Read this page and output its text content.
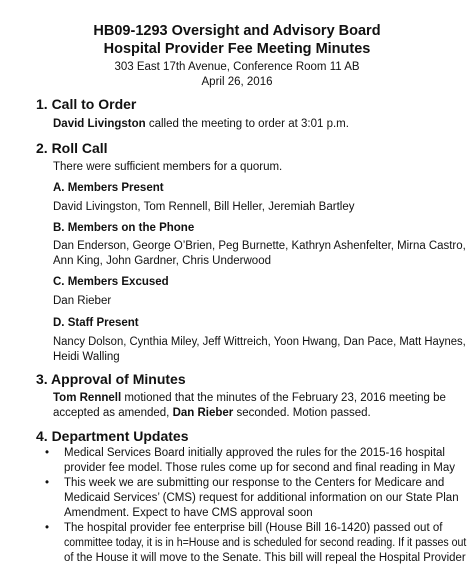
HB09-1293 Oversight and Advisory Board
Hospital Provider Fee Meeting Minutes
303 East 17th Avenue, Conference Room 11 AB
April 26, 2016
1. Call to Order
David Livingston called the meeting to order at 3:01 p.m.
2. Roll Call
There were sufficient members for a quorum.
A. Members Present
David Livingston, Tom Rennell, Bill Heller, Jeremiah Bartley
B. Members on the Phone
Dan Enderson, George O’Brien, Peg Burnette, Kathryn Ashenfelter, Mirna Castro,
Ann King, John Gardner, Chris Underwood
C. Members Excused
Dan Rieber
D. Staff Present
Nancy Dolson, Cynthia Miley, Jeff Wittreich, Yoon Hwang, Dan Pace, Matt Haynes,
Heidi Walling
3. Approval of Minutes
Tom Rennell motioned that the minutes of the February 23, 2016 meeting be
accepted as amended, Dan Rieber seconded. Motion passed.
4. Department Updates
• Medical Services Board initially approved the rules for the 2015-16 hospital
provider fee model. Those rules come up for second and final reading in May
• This week we are submitting our response to the Centers for Medicare and
Medicaid Services’ (CMS) request for additional information on our State Plan
Amendment. Expect to have CMS approval soon
• The hospital provider fee enterprise bill (House Bill 16-1420) passed out of
committee today, it is in h=House and is scheduled for second reading. If it passes out
of the House it will move to the Senate. This bill will repeal the Hospital Provider
